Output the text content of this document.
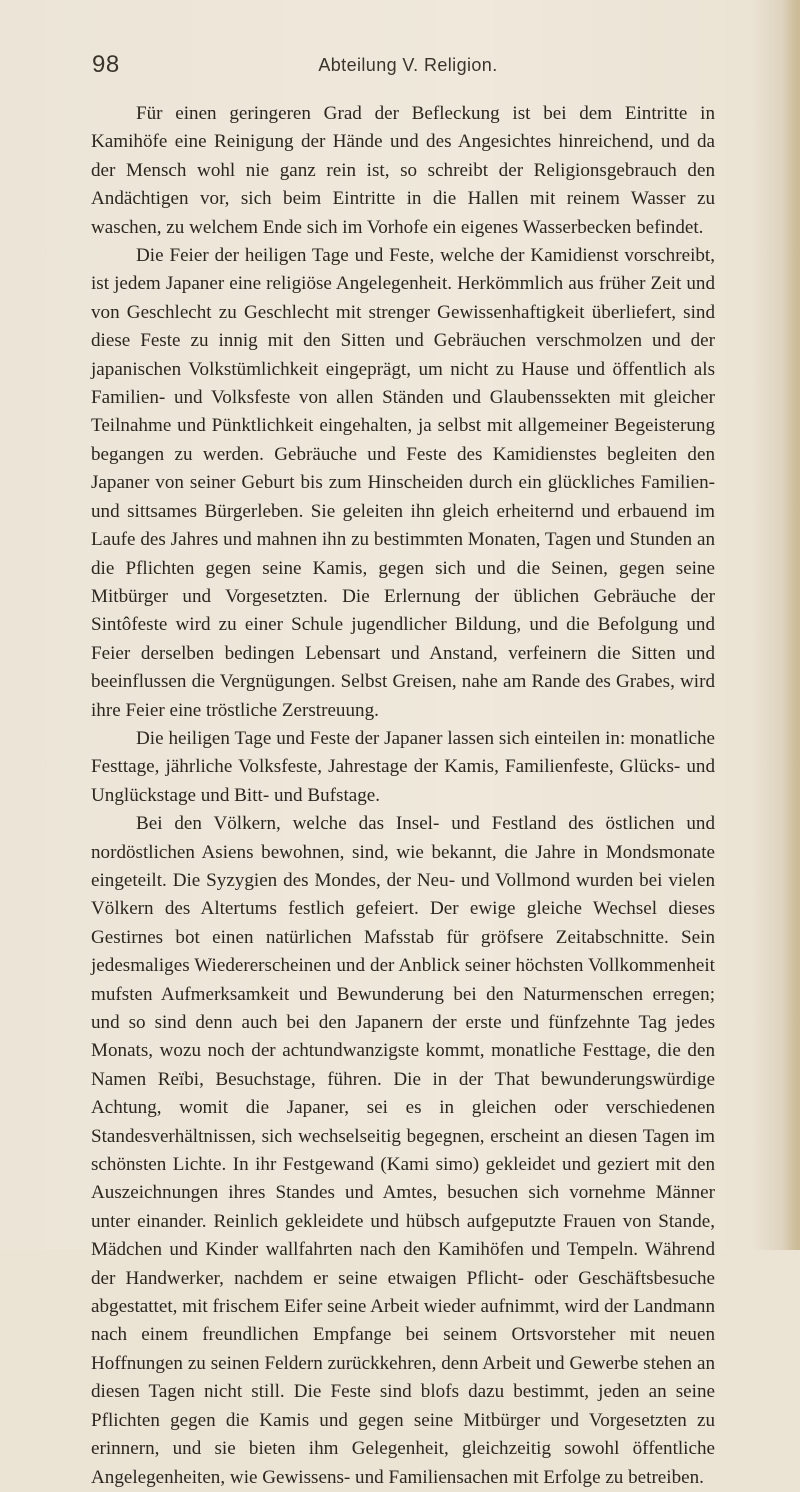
98	Abteilung V. Religion.

Für einen geringeren Grad der Befleckung ist bei dem Eintritte in Kamihöfe eine Reinigung der Hände und des Angesichtes hinreichend, und da der Mensch wohl nie ganz rein ist, so schreibt der Religionsgebrauch den Andächtigen vor, sich beim Eintritte in die Hallen mit reinem Wasser zu waschen, zu welchem Ende sich im Vorhofe ein eigenes Wasserbecken befindet.

Die Feier der heiligen Tage und Feste, welche der Kamidienst vorschreibt, ist jedem Japaner eine religiöse Angelegenheit. Herkömmlich aus früher Zeit und von Geschlecht zu Geschlecht mit strenger Gewissenhaftigkeit überliefert, sind diese Feste zu innig mit den Sitten und Gebräuchen verschmolzen und der japanischen Volkstümlichkeit eingeprägt, um nicht zu Hause und öffentlich als Familien- und Volksfeste von allen Ständen und Glaubenssekten mit gleicher Teilnahme und Pünktlichkeit eingehalten, ja selbst mit allgemeiner Begeisterung begangen zu werden. Gebräuche und Feste des Kamidienstes begleiten den Japaner von seiner Geburt bis zum Hinscheiden durch ein glückliches Familien- und sittsames Bürgerleben. Sie geleiten ihn gleich erheiternd und erbauend im Laufe des Jahres und mahnen ihn zu bestimmten Monaten, Tagen und Stunden an die Pflichten gegen seine Kamis, gegen sich und die Seinen, gegen seine Mitbürger und Vorgesetzten. Die Erlernung der üblichen Gebräuche der Sintôfeste wird zu einer Schule jugendlicher Bildung, und die Befolgung und Feier derselben bedingen Lebensart und Anstand, verfeinern die Sitten und beeinflussen die Vergnügungen. Selbst Greisen, nahe am Rande des Grabes, wird ihre Feier eine tröstliche Zerstreuung.

Die heiligen Tage und Feste der Japaner lassen sich einteilen in: monatliche Festtage, jährliche Volksfeste, Jahrestage der Kamis, Familienfeste, Glücks- und Unglückstage und Bitt- und Bufstage.

Bei den Völkern, welche das Insel- und Festland des östlichen und nordöstlichen Asiens bewohnen, sind, wie bekannt, die Jahre in Mondsmonate eingeteilt. Die Syzygien des Mondes, der Neu- und Vollmond wurden bei vielen Völkern des Altertums festlich gefeiert. Der ewige gleiche Wechsel dieses Gestirnes bot einen natürlichen Mafsstab für gröfsere Zeitabschnitte. Sein jedesmaliges Wiedererscheinen und der Anblick seiner höchsten Vollkommenheit mufsten Aufmerksamkeit und Bewunderung bei den Naturmenschen erregen; und so sind denn auch bei den Japanern der erste und fünfzehnte Tag jedes Monats, wozu noch der achtundwanzigste kommt, monatliche Festtage, die den Namen Reïbi, Besuchstage, führen. Die in der That bewunderungswürdige Achtung, womit die Japaner, sei es in gleichen oder verschiedenen Standesverhältnissen, sich wechselseitig begegnen, erscheint an diesen Tagen im schönsten Lichte. In ihr Festgewand (Kami simo) gekleidet und geziert mit den Auszeichnungen ihres Standes und Amtes, besuchen sich vornehme Männer unter einander. Reinlich gekleidete und hübsch aufgeputzte Frauen von Stande, Mädchen und Kinder wallfahrten nach den Kamihöfen und Tempeln. Während der Handwerker, nachdem er seine etwaigen Pflicht- oder Geschäftsbesuche abgestattet, mit frischem Eifer seine Arbeit wieder aufnimmt, wird der Landmann nach einem freundlichen Empfange bei seinem Ortsvorsteher mit neuen Hoffnungen zu seinen Feldern zurückkehren, denn Arbeit und Gewerbe stehen an diesen Tagen nicht still. Die Feste sind blofs dazu bestimmt, jeden an seine Pflichten gegen die Kamis und gegen seine Mitbürger und Vorgesetzten zu erinnern, und sie bieten ihm Gelegenheit, gleichzeitig sowohl öffentliche Angelegenheiten, wie Gewissens- und Familiensachen mit Erfolge zu betreiben.
